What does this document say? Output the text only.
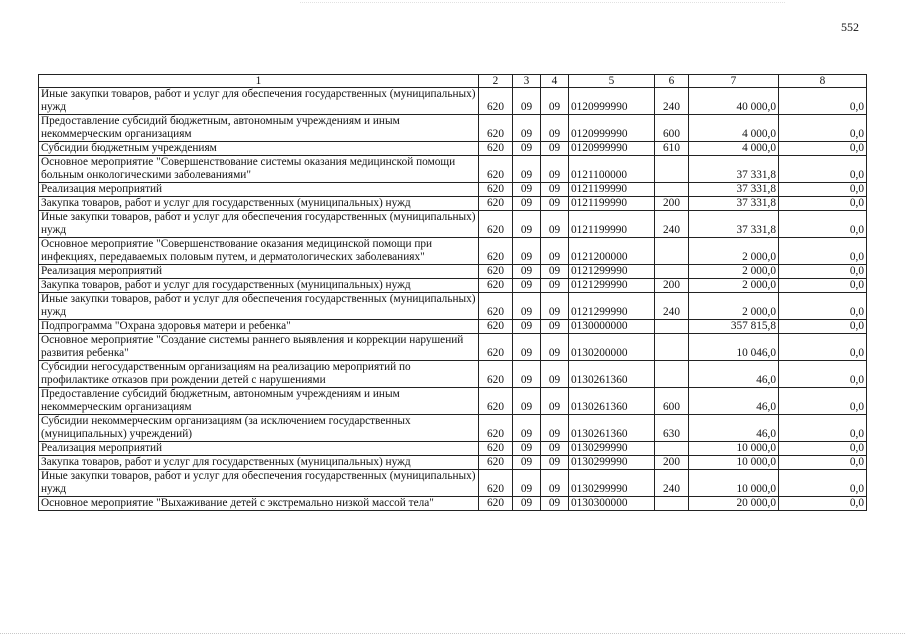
552
1	2	3	4	5	6	7	8
Иные закупки товаров, работ и услуг для обеспечения государственных (муниципальных) нужд	620	09	09	0120999990	240	40 000,0	0,0
Предоставление субсидий бюджетным, автономным учреждениям и иным некоммерческим организациям	620	09	09	0120999990	600	4 000,0	0,0
Субсидии бюджетным учреждениям	620	09	09	0120999990	610	4 000,0	0,0
Основное мероприятие "Совершенствование системы оказания медицинской помощи больным онкологическими заболеваниями"	620	09	09	0121100000		37 331,8	0,0
Реализация мероприятий	620	09	09	0121199990		37 331,8	0,0
Закупка товаров, работ и услуг для государственных (муниципальных) нужд	620	09	09	0121199990	200	37 331,8	0,0
Иные закупки товаров, работ и услуг для обеспечения государственных (муниципальных) нужд	620	09	09	0121199990	240	37 331,8	0,0
Основное мероприятие "Совершенствование оказания медицинской помощи при инфекциях, передаваемых половым путем, и дерматологических заболеваниях"	620	09	09	0121200000		2 000,0	0,0
Реализация мероприятий	620	09	09	0121299990		2 000,0	0,0
Закупка товаров, работ и услуг для государственных (муниципальных) нужд	620	09	09	0121299990	200	2 000,0	0,0
Иные закупки товаров, работ и услуг для обеспечения государственных (муниципальных) нужд	620	09	09	0121299990	240	2 000,0	0,0
Подпрограмма "Охрана здоровья матери и ребенка"	620	09	09	0130000000		357 815,8	0,0
Основное мероприятие "Создание системы раннего выявления и коррекции нарушений развития ребенка"	620	09	09	0130200000		10 046,0	0,0
Субсидии негосударственным организациям на реализацию мероприятий по профилактике отказов при рождении детей с нарушениями	620	09	09	0130261360		46,0	0,0
Предоставление субсидий бюджетным, автономным учреждениям и иным некоммерческим организациям	620	09	09	0130261360	600	46,0	0,0
Субсидии некоммерческим организациям (за исключением государственных (муниципальных) учреждений)	620	09	09	0130261360	630	46,0	0,0
Реализация мероприятий	620	09	09	0130299990		10 000,0	0,0
Закупка товаров, работ и услуг для государственных (муниципальных) нужд	620	09	09	0130299990	200	10 000,0	0,0
Иные закупки товаров, работ и услуг для обеспечения государственных (муниципальных) нужд	620	09	09	0130299990	240	10 000,0	0,0
Основное мероприятие "Выхаживание детей с экстремально низкой массой тела"	620	09	09	0130300000		20 000,0	0,0
